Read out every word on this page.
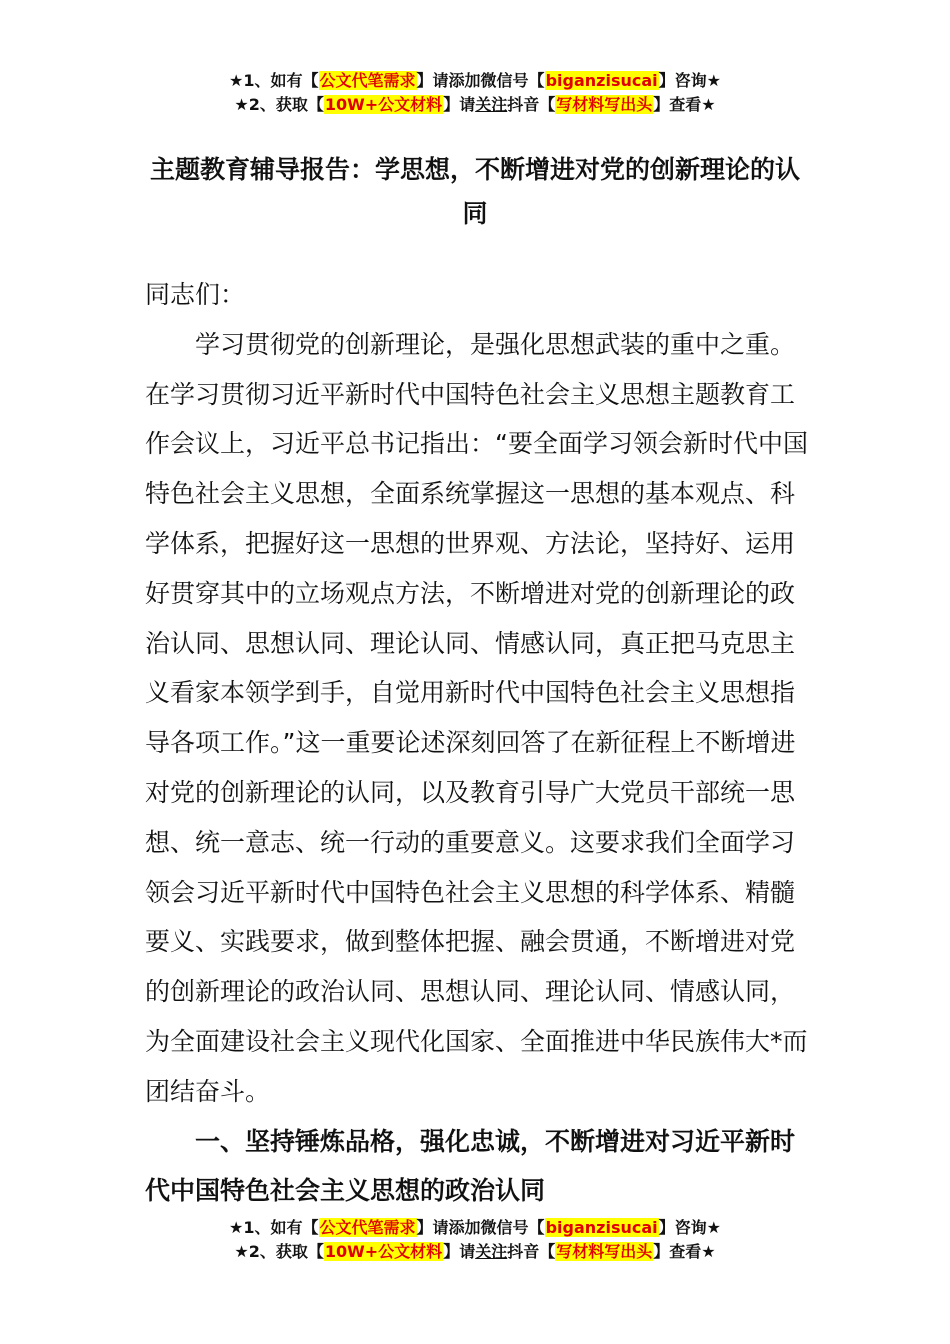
★1、如有【公文代笔需求】请添加微信号【biganzisucai】咨询★
★2、获取【10W+公文材料】请关注抖音【写材料写出头】查看★
主题教育辅导报告：学思想，不断增进对党的创新理论的认同

同志们：

学习贯彻党的创新理论，是强化思想武装的重中之重。在学习贯彻习近平新时代中国特色社会主义思想主题教育工作会议上，习近平总书记指出：“要全面学习领会新时代中国特色社会主义思想，全面系统掌握这一思想的基本观点、科学体系，把握好这一思想的世界观、方法论，坚持好、运用好贯穿其中的立场观点方法，不断增进对党的创新理论的政治认同、思想认同、理论认同、情感认同，真正把马克思主义看家本领学到手，自觉用新时代中国特色社会主义思想指导各项工作。”这一重要论述深刻回答了在新征程上不断增进对党的创新理论的认同，以及教育引导广大党员干部统一思想、统一意志、统一行动的重要意义。这要求我们全面学习领会习近平新时代中国特色社会主义思想的科学体系、精髓要义、实践要求，做到整体把握、融会贯通，不断增进对党的创新理论的政治认同、思想认同、理论认同、情感认同，为全面建设社会主义现代化国家、全面推进中华民族伟大*而团结奋斗。

一、坚持锤炼品格，强化忠诚，不断增进对习近平新时代中国特色社会主义思想的政治认同

★1、如有【公文代笔需求】请添加微信号【biganzisucai】咨询★
★2、获取【10W+公文材料】请关注抖音【写材料写出头】查看★
